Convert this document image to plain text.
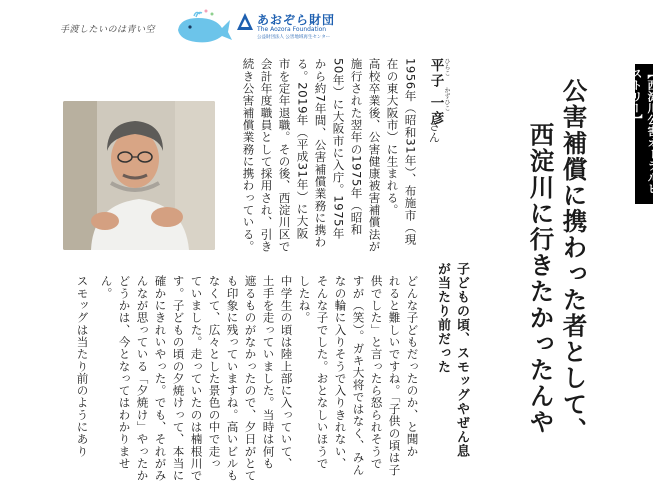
手渡したいのは青い空
あおぞら財団
The Aozora Foundation
公益財団法人 公害地域再生センター
【西淀川公害オーラルヒストリー】
公害補償に携わった者として、
西淀川に行きたかったんや
平子 一彦
さん
ひらこ
かずひこ
1956年（昭和31年）、布施市（現
在の東大阪市）に生まれる。
高校卒業後、公害健康被害補償法が
施行された翌年の1975年（昭和
50年）に大阪市に入庁。1975年
から約7年間、公害補償業務に携わ
る。2019年（平成31年）に大阪
市を定年退職。その後、西淀川区で
会計年度職員として採用され、引き
続き公害補償業務に携わっている。
子どもの頃、スモッグやぜん息
が当たり前だった
どんな子どもだったのか、と聞か
れると難しいですね。「子供の頃は子
供でした」と言ったら怒られそうで
すが（笑）。ガキ大将ではなく、みん
なの輪に入りそうで入りきれない、
そんな子でした。おとなしいほうで
したね。
中学生の頃は陸上部に入っていて、
土手を走っていました。当時は何も
遮るものがなかったので、夕日がとて
も印象に残っていますね。高いビルも
なくて、広々とした景色の中で走っ
ていました。走っていたのは楠根川で
す。子どもの頃の夕焼けって、本当に
確かにきれいやった。でも、それがみ
んなが思っている「夕焼け」やったか
どうかは、今となってはわかりませ
ん。
スモッグは当たり前のようにあり
